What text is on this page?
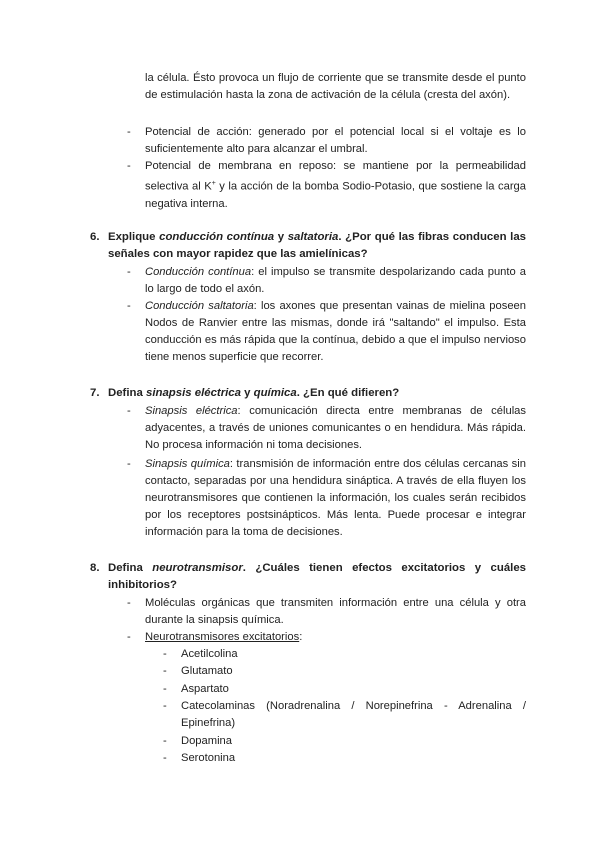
la célula. Ésto provoca un flujo de corriente que se transmite desde el punto de estimulación hasta la zona de activación de la célula (cresta del axón).

- Potencial de acción: generado por el potencial local si el voltaje es lo suficientemente alto para alcanzar el umbral.

- Potencial de membrana en reposo: se mantiene por la permeabilidad selectiva al K+ y la acción de la bomba Sodio-Potasio, que sostiene la carga negativa interna.

6. Explique conducción contínua y saltatoria. ¿Por qué las fibras conducen las señales con mayor rapidez que las amielínicas?
- Conducción contínua: el impulso se transmite despolarizando cada punto a lo largo de todo el axón.

- Conducción saltatoria: los axones que presentan vainas de mielina poseen Nodos de Ranvier entre las mismas, donde irá "saltando" el impulso. Esta conducción es más rápida que la contínua, debido a que el impulso nervioso tiene menos superficie que recorrer.

7. Defina sinapsis eléctrica y química. ¿En qué difieren?
- Sinapsis eléctrica: comunicación directa entre membranas de células adyacentes, a través de uniones comunicantes o en hendidura. Más rápida. No procesa información ni toma decisiones.

- Sinapsis química: transmisión de información entre dos células cercanas sin contacto, separadas por una hendidura sináptica. A través de ella fluyen los neurotransmisores que contienen la información, los cuales serán recibidos por los receptores postsinápticos. Más lenta. Puede procesar e integrar información para la toma de decisiones.

8. Defina neurotransmisor. ¿Cuáles tienen efectos excitatorios y cuáles inhibitorios?
- Moléculas orgánicas que transmiten información entre una célula y otra durante la sinapsis química.

- Neurotransmisores excitatorios:

- Acetilcolina

- Glutamato

- Aspartato

- Catecolaminas (Noradrenalina / Norepinefrina - Adrenalina / Epinefrina)

- Dopamina

- Serotonina
